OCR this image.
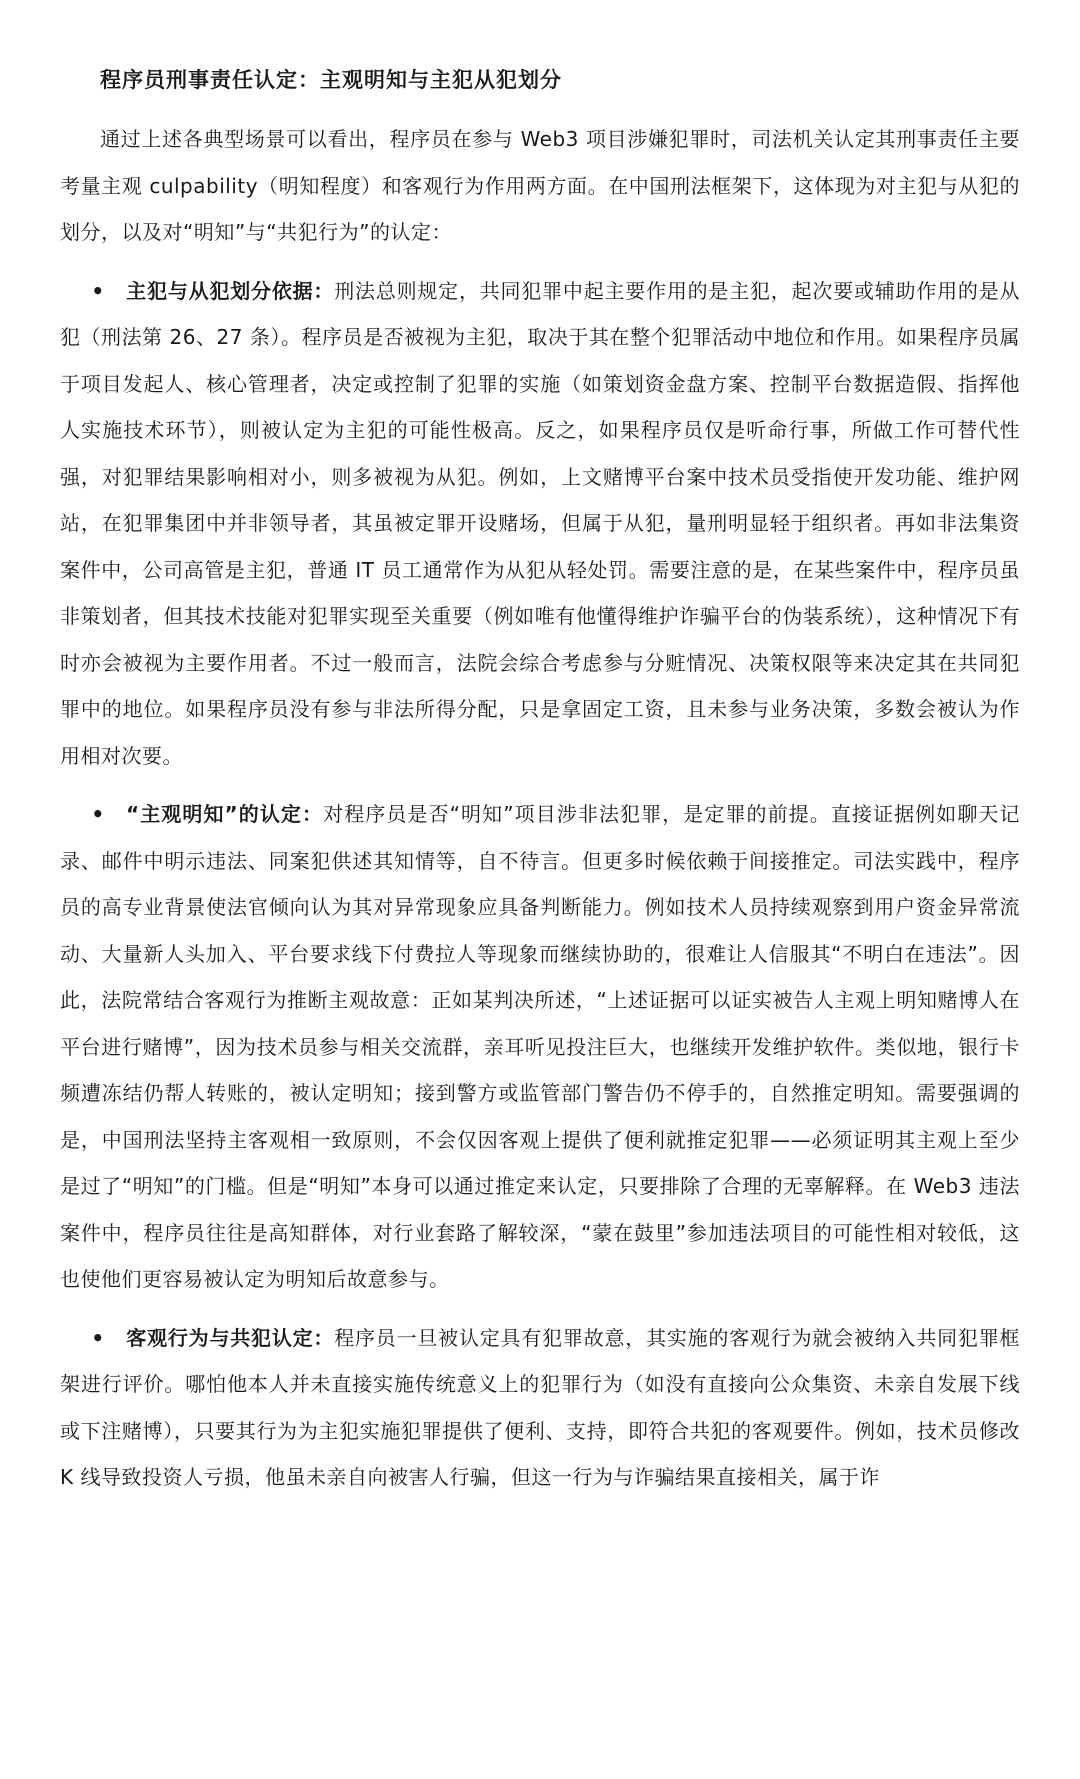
程序员刑事责任认定：主观明知与主犯从犯划分

通过上述各典型场景可以看出，程序员在参与 Web3 项目涉嫌犯罪时，司法机关认定其刑事责任主要考量主观 culpability（明知程度）和客观行为作用两方面。在中国刑法框架下，这体现为对主犯与从犯的划分，以及对“明知”与“共犯行为”的认定：

• 主犯与从犯划分依据：刑法总则规定，共同犯罪中起主要作用的是主犯，起次要或辅助作用的是从犯（刑法第 26、27 条）。程序员是否被视为主犯，取决于其在整个犯罪活动中地位和作用。如果程序员属于项目发起人、核心管理者，决定或控制了犯罪的实施（如策划资金盘方案、控制平台数据造假、指挥他人实施技术环节），则被认定为主犯的可能性极高。反之，如果程序员仅是听命行事，所做工作可替代性强，对犯罪结果影响相对小，则多被视为从犯。例如，上文赌博平台案中技术员受指使开发功能、维护网站，在犯罪集团中并非领导者，其虽被定罪开设赌场，但属于从犯，量刑明显轻于组织者。再如非法集资案件中，公司高管是主犯，普通 IT 员工通常作为从犯从轻处罚。需要注意的是，在某些案件中，程序员虽非策划者，但其技术技能对犯罪实现至关重要（例如唯有他懂得维护诈骗平台的伪装系统），这种情况下有时亦会被视为主要作用者。不过一般而言，法院会综合考虑参与分赃情况、决策权限等来决定其在共同犯罪中的地位。如果程序员没有参与非法所得分配，只是拿固定工资，且未参与业务决策，多数会被认为作用相对次要。

• “主观明知”的认定：对程序员是否“明知”项目涉非法犯罪，是定罪的前提。直接证据例如聊天记录、邮件中明示违法、同案犯供述其知情等，自不待言。但更多时候依赖于间接推定。司法实践中，程序员的高专业背景使法官倾向认为其对异常现象应具备判断能力。例如技术人员持续观察到用户资金异常流动、大量新人头加入、平台要求线下付费拉人等现象而继续协助的，很难让人信服其“不明白在违法”。因此，法院常结合客观行为推断主观故意：正如某判决所述，“上述证据可以证实被告人主观上明知赌博人在平台进行赌博”，因为技术员参与相关交流群，亲耳听见投注巨大，也继续开发维护软件。类似地，银行卡频遭冻结仍帮人转账的，被认定明知；接到警方或监管部门警告仍不停手的，自然推定明知。需要强调的是，中国刑法坚持主客观相一致原则，不会仅因客观上提供了便利就推定犯罪——必须证明其主观上至少是过了“明知”的门槛。但是“明知”本身可以通过推定来认定，只要排除了合理的无辜解释。在 Web3 违法案件中，程序员往往是高知群体，对行业套路了解较深，“蒙在鼓里”参加违法项目的可能性相对较低，这也使他们更容易被认定为明知后故意参与。

• 客观行为与共犯认定：程序员一旦被认定具有犯罪故意，其实施的客观行为就会被纳入共同犯罪框架进行评价。哪怕他本人并未直接实施传统意义上的犯罪行为（如没有直接向公众集资、未亲自发展下线或下注赌博），只要其行为为主犯实施犯罪提供了便利、支持，即符合共犯的客观要件。例如，技术员修改 K 线导致投资人亏损，他虽未亲自向被害人行骗，但这一行为与诈骗结果直接相关，属于诈
